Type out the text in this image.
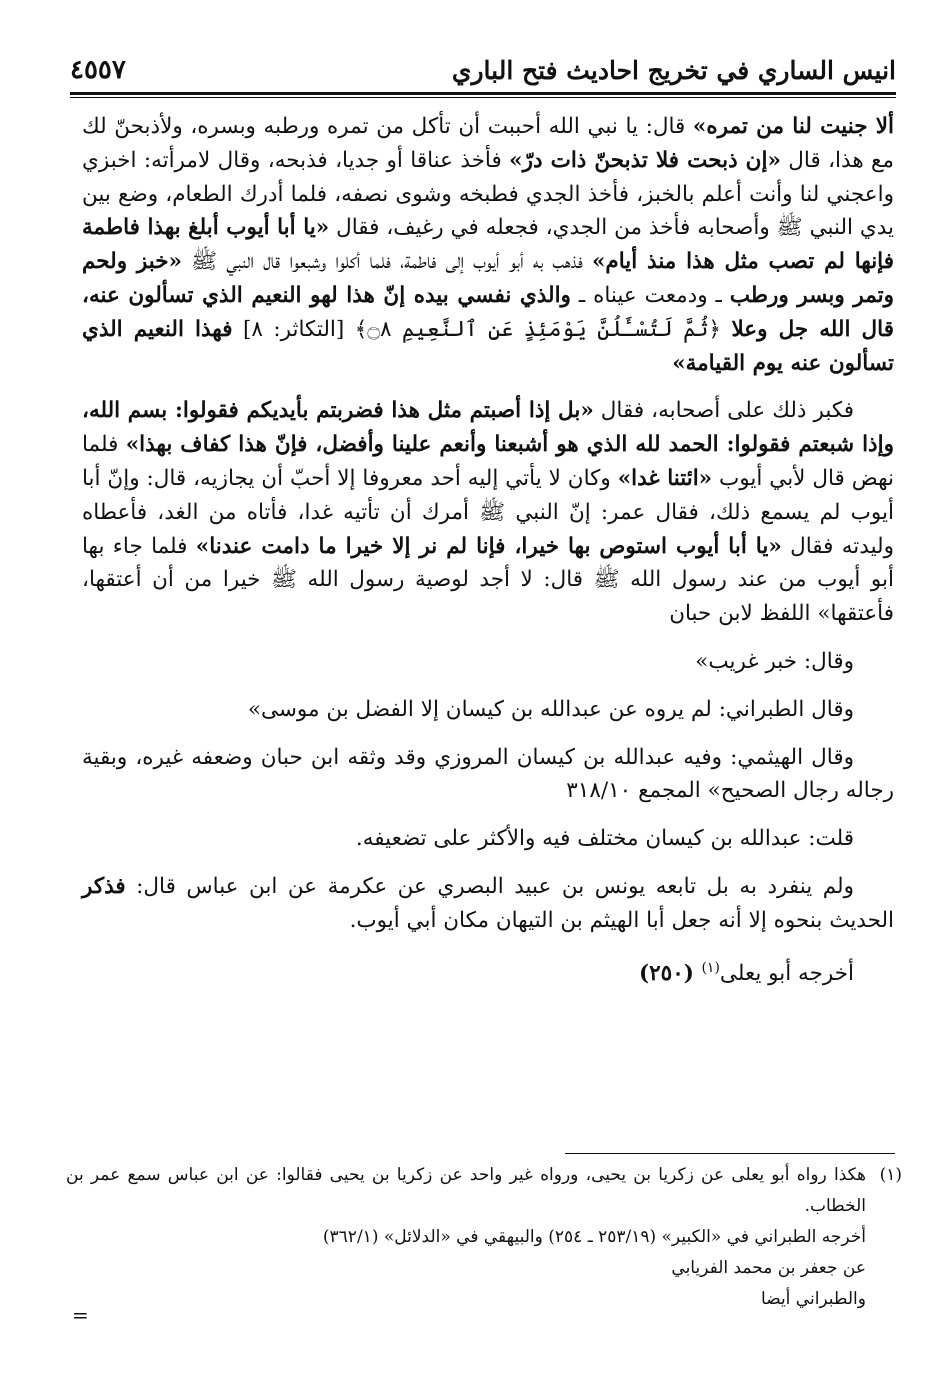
٤٥٥٧	انيس الساري في تخريج احاديث فتح الباري

ألا جنيت لنا من تمره» قال: يا نبي الله أحببت أن تأكل من تمره ورطبه وبسره، ولأذبحنّ لك مع هذا، قال «إن ذبحت فلا تذبحنّ ذات درّ» فأخذ عناقا أو جديا، فذبحه، وقال لامرأته: اخبزي واعجني لنا وأنت أعلم بالخبز، فأخذ الجدي فطبخه وشوى نصفه، فلما أدرك الطعام، وضع بين يدي النبي ﷺ وأصحابه فأخذ من الجدي، فجعله في رغيف، فقال «يا أبا أيوب أبلغ بهذا فاطمة فإنها لم تصب مثل هذا منذ أيام» فذهب به أبو أيوب إلى فاطمة، فلما أكلوا وشبعوا قال النبي ﷺ «خبز ولحم وتمر وبسر ورطب ـ ودمعت عيناه ـ والذي نفسي بيده إنّ هذا لهو النعيم الذي تسألون عنه، قال الله جل وعلا ﴿ثُمَّ لَتُسْـَٔلُنَّ يَوْمَئِذٍ عَنِ ٱلنَّعِيمِ ۝٨﴾ [التكاثر: ٨] فهذا النعيم الذي تسألون عنه يوم القيامة»

فكبر ذلك على أصحابه، فقال «بل إذا أصبتم مثل هذا فضربتم بأيديكم فقولوا: بسم الله، وإذا شبعتم فقولوا: الحمد لله الذي هو أشبعنا وأنعم علينا وأفضل، فإنّ هذا كفاف بهذا» فلما نهض قال لأبي أيوب «ائتنا غدا» وكان لا يأتي إليه أحد معروفا إلا أحبّ أن يجازيه، قال: وإنّ أبا أيوب لم يسمع ذلك، فقال عمر: إنّ النبي ﷺ أمرك أن تأتيه غدا، فأتاه من الغد، فأعطاه وليدته فقال «يا أبا أيوب استوص بها خيرا، فإنا لم نر إلا خيرا ما دامت عندنا» فلما جاء بها أبو أيوب من عند رسول الله ﷺ قال: لا أجد لوصية رسول الله ﷺ خيرا من أن أعتقها، فأعتقها» اللفظ لابن حبان

وقال: خبر غريب»

وقال الطبراني: لم يروه عن عبدالله بن كيسان إلا الفضل بن موسى»

وقال الهيثمي: وفيه عبدالله بن كيسان المروزي وقد وثقه ابن حبان وضعفه غيره، وبقية رجاله رجال الصحيح» المجمع ٣١٨/١٠

قلت: عبدالله بن كيسان مختلف فيه والأكثر على تضعيفه.

ولم ينفرد به بل تابعه يونس بن عبيد البصري عن عكرمة عن ابن عباس قال: فذكر الحديث بنحوه إلا أنه جعل أبا الهيثم بن التيهان مكان أبي أيوب.

أخرجه أبو يعلى$^{(١)}$ (٢٥٠)

(١)
هكذا رواه أبو يعلى عن زكريا بن يحيى، ورواه غير واحد عن زكريا بن يحيى فقالوا: عن ابن عباس سمع عمر بن الخطاب.
أخرجه الطبراني في «الكبير» (٢٥٣/١٩ ـ ٢٥٤) والبيهقي في «الدلائل» (٣٦٢/١)
عن جعفر بن محمد الفريابي
والطبراني أيضا
=
